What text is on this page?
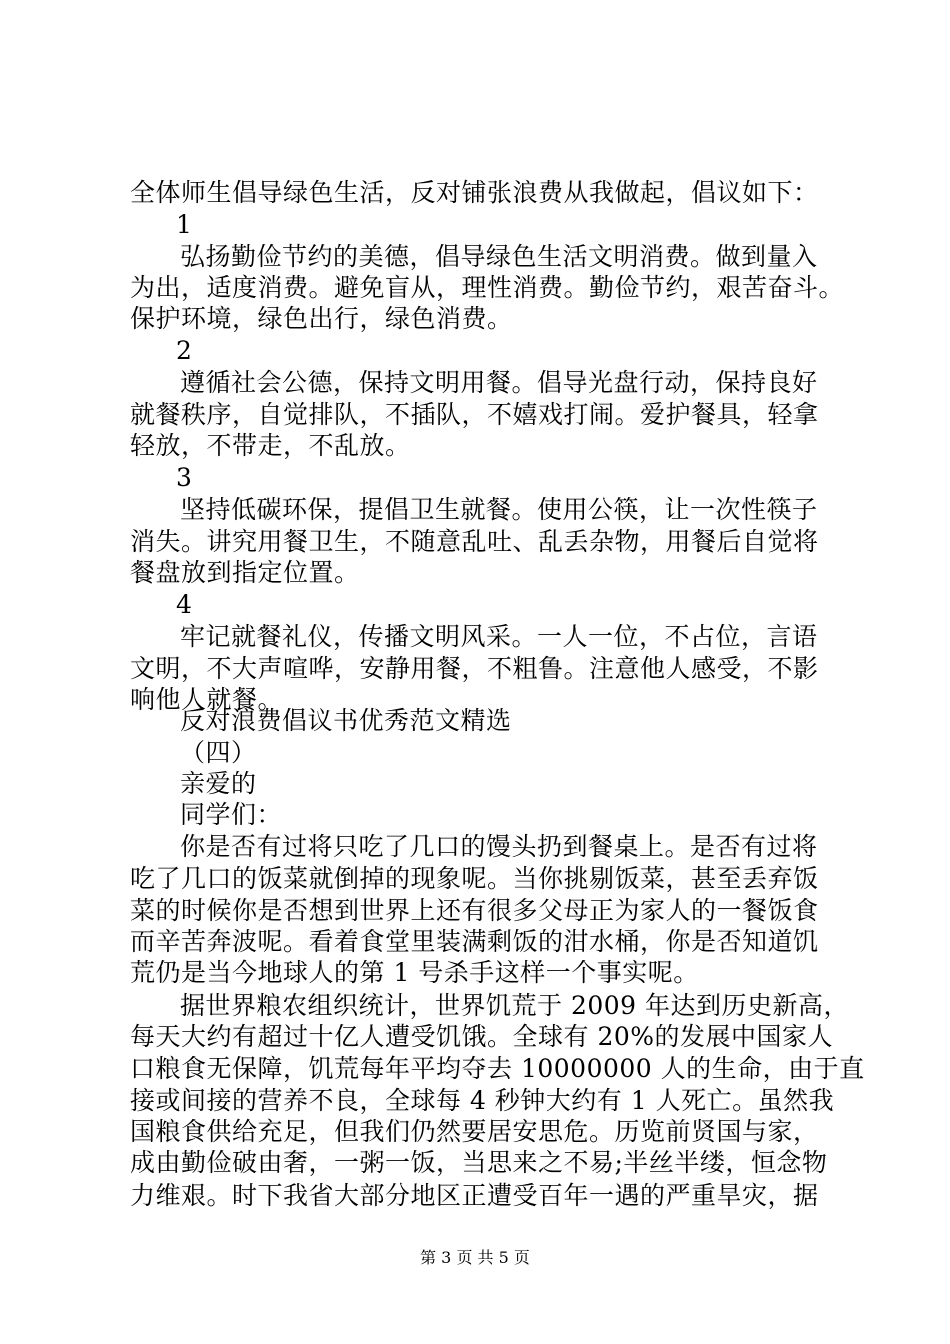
全体师生倡导绿色生活，反对铺张浪费从我做起，倡议如下：
1
弘扬勤俭节约的美德，倡导绿色生活文明消费。做到量入
为出，适度消费。避免盲从，理性消费。勤俭节约，艰苦奋斗。
保护环境，绿色出行，绿色消费。
2
遵循社会公德，保持文明用餐。倡导光盘行动，保持良好
就餐秩序，自觉排队，不插队，不嬉戏打闹。爱护餐具，轻拿
轻放，不带走，不乱放。
3
坚持低碳环保，提倡卫生就餐。使用公筷，让一次性筷子
消失。讲究用餐卫生，不随意乱吐、乱丢杂物，用餐后自觉将
餐盘放到指定位置。
4
牢记就餐礼仪，传播文明风采。一人一位，不占位，言语
文明，不大声喧哗，安静用餐，不粗鲁。注意他人感受，不影
响他人就餐。
反对浪费倡议书优秀范文精选
（四）
亲爱的
同学们：
你是否有过将只吃了几口的馒头扔到餐桌上。是否有过将
吃了几口的饭菜就倒掉的现象呢。当你挑剔饭菜，甚至丢弃饭
菜的时候你是否想到世界上还有很多父母正为家人的一餐饭食
而辛苦奔波呢。看着食堂里装满剩饭的泔水桶，你是否知道饥
荒仍是当今地球人的第 1 号杀手这样一个事实呢。
据世界粮农组织统计，世界饥荒于 2009 年达到历史新高，
每天大约有超过十亿人遭受饥饿。全球有 20%的发展中国家人
口粮食无保障，饥荒每年平均夺去 10000000 人的生命，由于直
接或间接的营养不良，全球每 4 秒钟大约有 1 人死亡。虽然我
国粮食供给充足，但我们仍然要居安思危。历览前贤国与家，
成由勤俭破由奢，一粥一饭，当思来之不易;半丝半缕，恒念物
力维艰。时下我省大部分地区正遭受百年一遇的严重旱灾，据
第 3 页 共 5 页
